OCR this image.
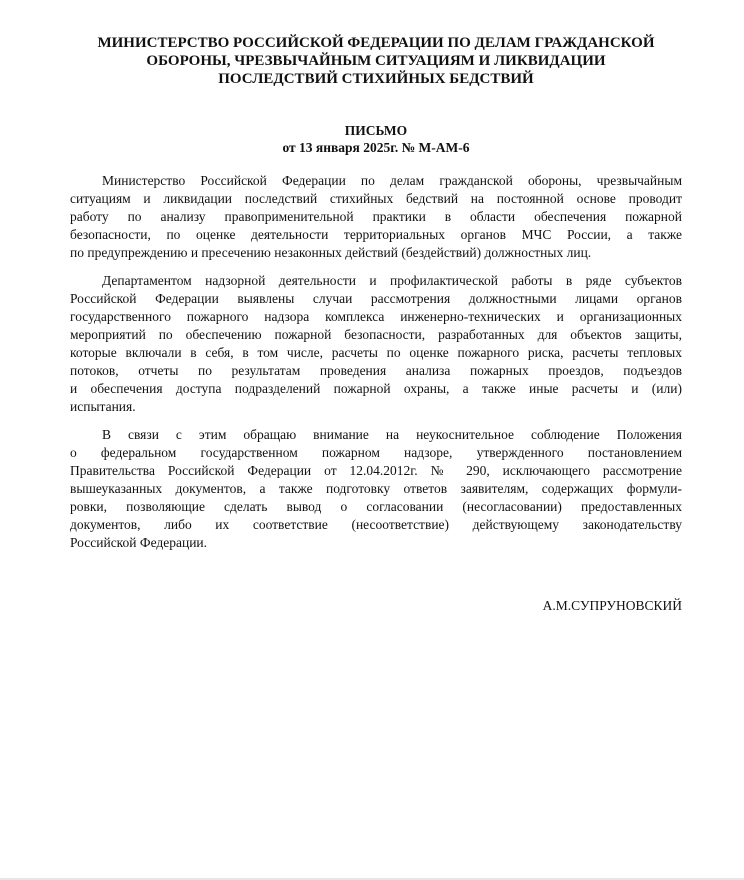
МИНИСТЕРСТВО РОССИЙСКОЙ ФЕДЕРАЦИИ ПО ДЕЛАМ ГРАЖДАНСКОЙ
ОБОРОНЫ, ЧРЕЗВЫЧАЙНЫМ СИТУАЦИЯМ И ЛИКВИДАЦИИ
ПОСЛЕДСТВИЙ СТИХИЙНЫХ БЕДСТВИЙ
ПИСЬМО
от 13 января 2025г. № М-АМ-6
Министерство Российской Федерации по делам гражданской обороны, чрезвычайным
ситуациям и ликвидации последствий стихийных бедствий на постоянной основе проводит
работу по анализу правоприменительной практики в области обеспечения пожарной
безопасности, по оценке деятельности территориальных органов МЧС России, а также
по предупреждению и пресечению незаконных действий (бездействий) должностных лиц.
Департаментом надзорной деятельности и профилактической работы в ряде субъектов
Российской Федерации выявлены случаи рассмотрения должностными лицами органов
государственного пожарного надзора комплекса инженерно-технических и организационных
мероприятий по обеспечению пожарной безопасности, разработанных для объектов защиты,
которые включали в себя, в том числе, расчеты по оценке пожарного риска, расчеты тепловых
потоков, отчеты по результатам проведения анализа пожарных проездов, подъездов
и обеспечения доступа подразделений пожарной охраны, а также иные расчеты и (или)
испытания.
В связи с этим обращаю внимание на неукоснительное соблюдение Положения
о федеральном государственном пожарном надзоре, утвержденного постановлением
Правительства Российской Федерации от 12.04.2012г. № 290, исключающего рассмотрение
вышеуказанных документов, а также подготовку ответов заявителям, содержащих формули-
ровки, позволяющие сделать вывод о согласовании (несогласовании) предоставленных
документов, либо их соответствие (несоответствие) действующему законодательству
Российской Федерации.
А.М.СУПРУНОВСКИЙ
